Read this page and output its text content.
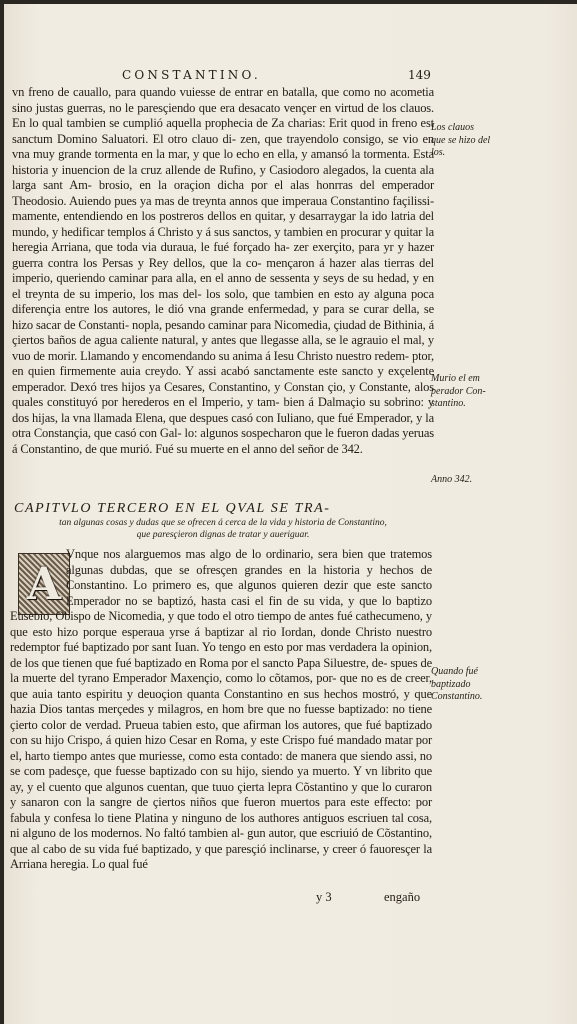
CONSTANTINO.	149
vn freno de cauallo, para quando vuiesse de entrar en batalla, que como no acometia sino justas guerras, no le paresçiendo que era desacato vençer en virtud de los clauos. En lo qual tambien se cumplió aquella prophecia de Za charias: Erit quod in freno est sanctum Domino Saluatori. El otro clauo di- zen, que trayendolo consigo, se vio en vna muy grande tormenta en la mar, y que lo echo en ella, y amansó la tormenta. Esta historia y inuencion de la cruz allende de Rufino, y Casiodoro alegados, la cuenta ala larga sant Am- brosio, en la oraçion dicha por el alas honrras del emperador Theodosio. Auiendo pues ya mas de treynta annos que imperaua Constantino façilissi- mamente, entendiendo en los postreros dellos en quitar, y desarraygar la ido latria del mundo, y hedificar templos á Christo y á sus sanctos, y tambien en procurar y quitar la heregia Arriana, que toda via duraua, le fué forçado ha- zer exerçito, para yr y hazer guerra contra los Persas y Rey dellos, que la co- mençaron á hazer alas tierras del imperio, queriendo caminar para alla, en el anno de sessenta y seys de su hedad, y en el treynta de su imperio, los mas del- los solo, que tambien en esto ay alguna poca diferençia entre los autores, le dió vna grande enfermedad, y para se curar della, se hizo sacar de Constanti- nopla, pesando caminar para Nicomedia, çiudad de Bithinia, á çiertos baños de agua caliente natural, y antes que llegasse alla, se le agrauio el mal, y vuo de morir. Llamando y encomendando su anima á Iesu Christo nuestro redem- ptor, en quien firmemente auia creydo. Y assi acabó sanctamente este sancto y exçelente emperador. Dexó tres hijos ya Cesares, Constantino, y Constan çio, y Constante, alos quales constituyó por herederos en el Imperio, y tam- bien á Dalmaçio su sobrino: y dos hijas, la vna llamada Elena, que despues casó con Iuliano, que fué Emperador, y la otra Constançia, que casó con Gal- lo: algunos sospecharon que le fueron dadas yeruas á Constantino, de que murió. Fué su muerte en el anno del señor de 342.
CAPITVLO TERCERO EN EL QVAL SE TRA-
tan algunas cosas y dudas que se ofrecen á cerca de la vida y historia de Constantino,
que paresçieron dignas de tratar y aueriguar.
A
Vnque nos alarguemos mas algo de lo ordinario, sera bien que tratemos algunas dubdas, que se ofresçen grandes en la historia y hechos de Constantino. Lo primero es, que algunos quieren dezir que este sancto Emperador no se baptizó, hasta casi el fin de su vida, y que lo baptizo Eusebio, Obispo de Nicomedia, y que todo el otro tiempo de antes fué cathecumeno, y que esto hizo porque esperaua yrse á baptizar al rio Iordan, donde Christo nuestro redemptor fué baptizado por sant Iuan. Yo tengo en esto por mas verdadera la opinion, de los que tienen que fué baptizado en Roma por el sancto Papa Siluestre, de- spues de la muerte del tyrano Emperador Maxençio, como lo cõtamos, por- que no es de creer, que auia tanto espiritu y deuoçion quanta Constantino en sus hechos mostró, y que hazia Dios tantas merçedes y milagros, en hom bre que no fuesse baptizado: no tiene çierto color de verdad. Prueua tabien esto, que afirman los autores, que fué baptizado con su hijo Crispo, á quien hizo Cesar en Roma, y este Crispo fué mandado matar por el, harto tiempo antes que muriesse, como esta contado: de manera que siendo assi, no se com padesçe, que fuesse baptizado con su hijo, siendo ya muerto. Y vn librito que ay, y el cuento que algunos cuentan, que tuuo çierta lepra Cõstantino y que lo curaron y sanaron con la sangre de çiertos niños que fueron muertos para este effecto: por fabula y confesa lo tiene Platina y ninguno de los authores antiguos escriuen tal cosa, ni alguno de los modernos. No faltó tambien al- gun autor, que escriuió de Cõstantino, que al cabo de su vida fué baptizado, y que paresçió inclinarse, y creer ó fauoresçer la Arriana heregia. Lo qual fué
Los clauos
que se hizo del
los.
Murio el em
perador Con-
stantino.
Anno 342.
Quando fué
baptizado
Constantino.
y 3	engaño
